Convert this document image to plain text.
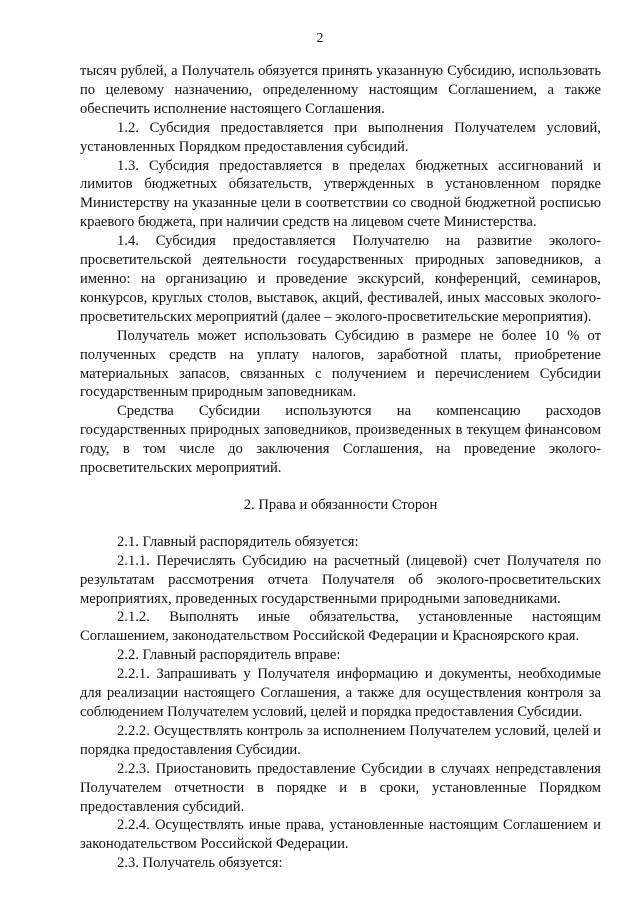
2

тысяч рублей, а Получатель обязуется принять указанную Субсидию, использовать по целевому назначению, определенному настоящим Соглашением, а также обеспечить исполнение настоящего Соглашения.

1.2. Субсидия предоставляется при выполнения Получателем условий, установленных Порядком предоставления субсидий.

1.3. Субсидия предоставляется в пределах бюджетных ассигнований и лимитов бюджетных обязательств, утвержденных в установленном порядке Министерству на указанные цели в соответствии со сводной бюджетной росписью краевого бюджета, при наличии средств на лицевом счете Министерства.

1.4. Субсидия предоставляется Получателю на развитие эколого-просветительской деятельности государственных природных заповедников, а именно: на организацию и проведение экскурсий, конференций, семинаров, конкурсов, круглых столов, выставок, акций, фестивалей, иных массовых эколого-просветительских мероприятий (далее – эколого-просветительские мероприятия).

Получатель может использовать Субсидию в размере не более 10 % от полученных средств на уплату налогов, заработной платы, приобретение материальных запасов, связанных с получением и перечислением Субсидии государственным природным заповедникам.

Средства Субсидии используются на компенсацию расходов государственных природных заповедников, произведенных в текущем финансовом году, в том числе до заключения Соглашения, на проведение эколого-просветительских мероприятий.

2. Права и обязанности Сторон

2.1. Главный распорядитель обязуется:

2.1.1. Перечислять Субсидию на расчетный (лицевой) счет Получателя по результатам рассмотрения отчета Получателя об эколого-просветительских мероприятиях, проведенных государственными природными заповедниками.

2.1.2. Выполнять иные обязательства, установленные настоящим Соглашением, законодательством Российской Федерации и Красноярского края.

2.2. Главный распорядитель вправе:

2.2.1. Запрашивать у Получателя информацию и документы, необходимые для реализации настоящего Соглашения, а также для осуществления контроля за соблюдением Получателем условий, целей и порядка предоставления Субсидии.

2.2.2. Осуществлять контроль за исполнением Получателем условий, целей и порядка предоставления Субсидии.

2.2.3. Приостановить предоставление Субсидии в случаях непредставления Получателем отчетности в порядке и в сроки, установленные Порядком предоставления субсидий.

2.2.4. Осуществлять иные права, установленные настоящим Соглашением и законодательством Российской Федерации.

2.3. Получатель обязуется:
